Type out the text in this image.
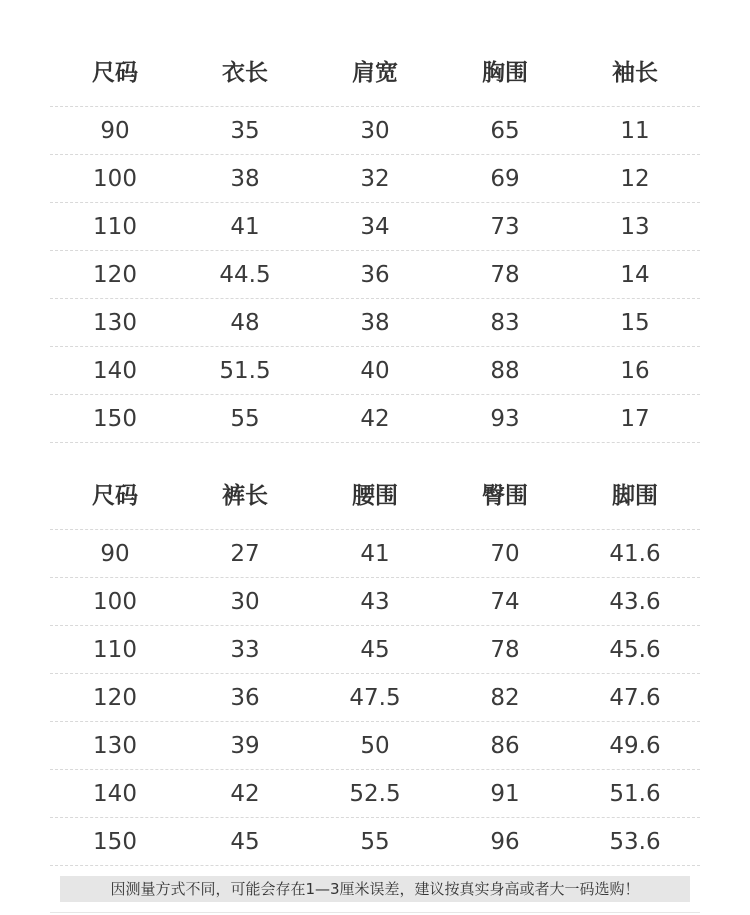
尺码	衣长	肩宽	胸围	袖长
90	35	30	65	11
100	38	32	69	12
110	41	34	73	13
120	44.5	36	78	14
130	48	38	83	15
140	51.5	40	88	16
150	55	42	93	17
尺码	裤长	腰围	臀围	脚围
90	27	41	70	41.6
100	30	43	74	43.6
110	33	45	78	45.6
120	36	47.5	82	47.6
130	39	50	86	49.6
140	42	52.5	91	51.6
150	45	55	96	53.6
因测量方式不同，可能会存在1—3厘米误差，建议按真实身高或者大一码选购！
